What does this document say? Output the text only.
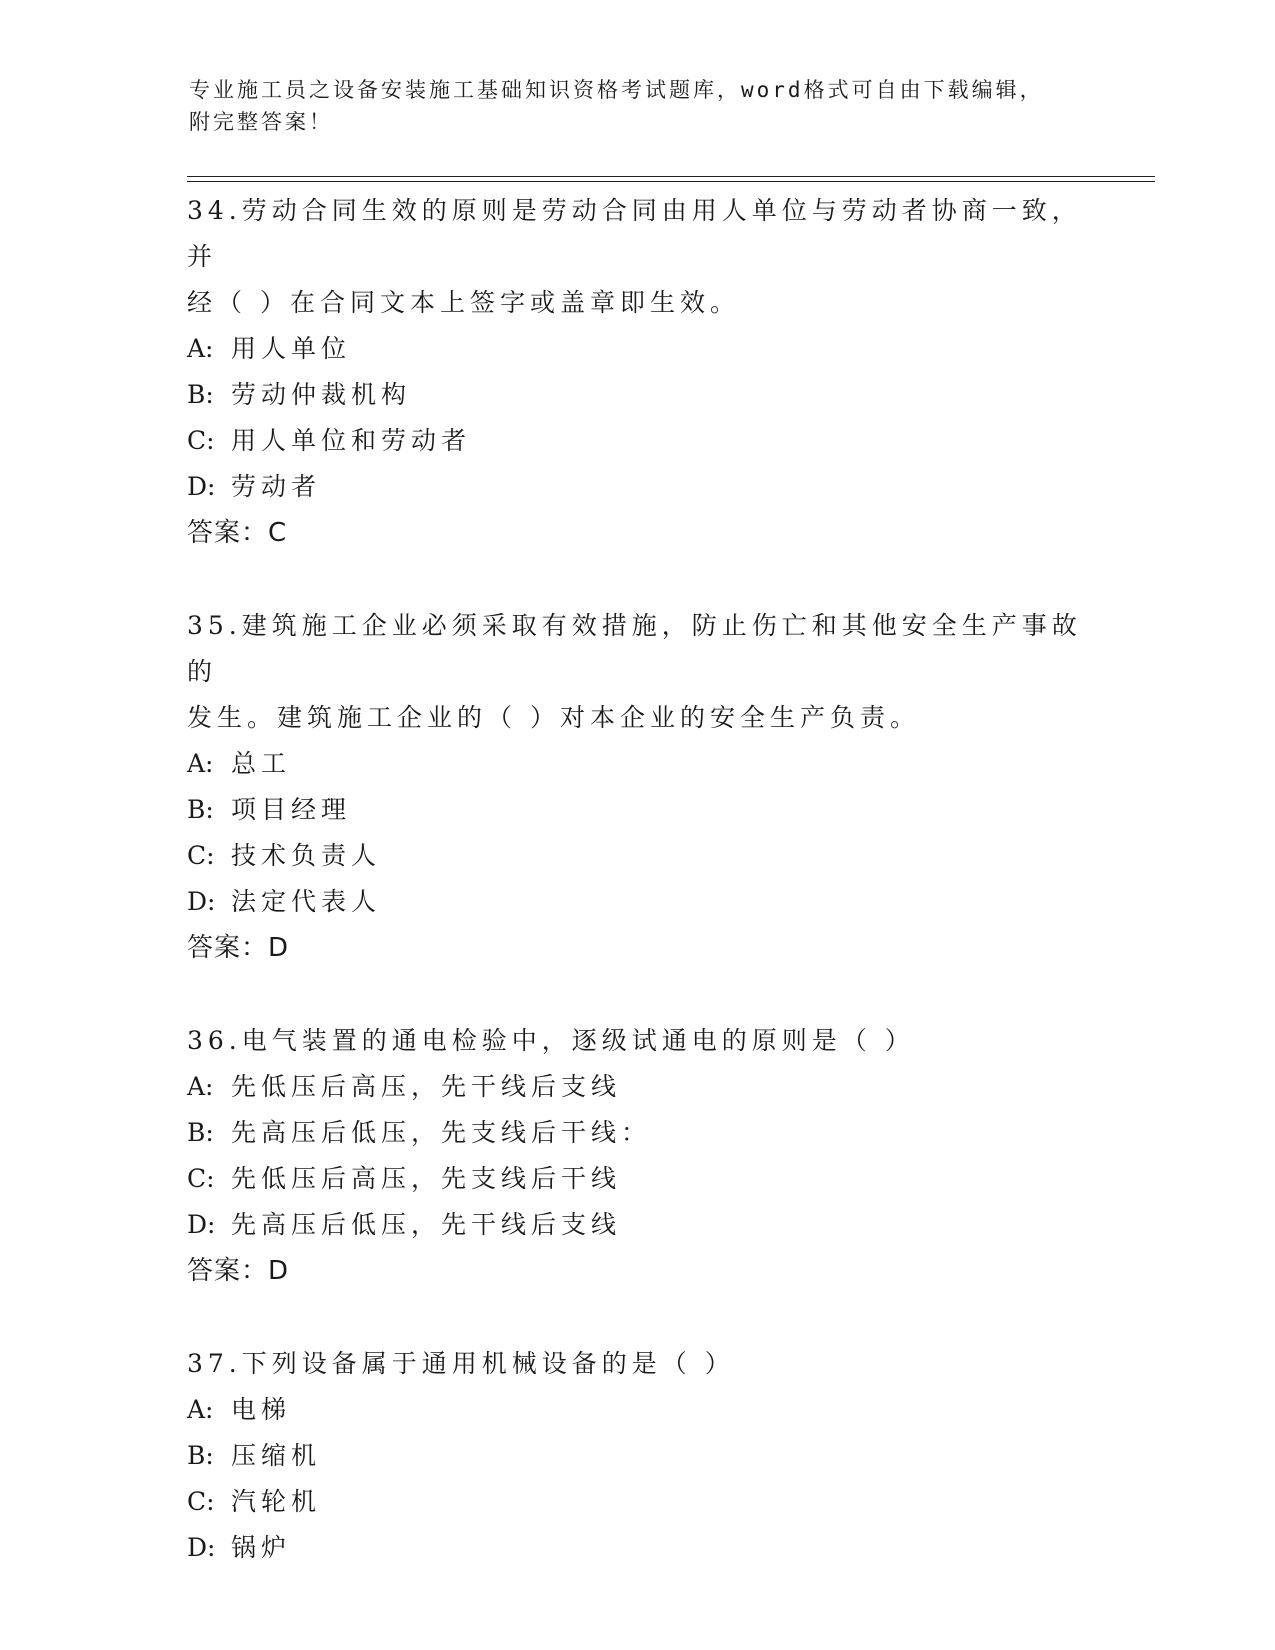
专业施工员之设备安装施工基础知识资格考试题库，word格式可自由下载编辑，
附完整答案！
34.劳动合同生效的原则是劳动合同由用人单位与劳动者协商一致，并
经（ ）在合同文本上签字或盖章即生效。
A: 用人单位
B: 劳动仲裁机构
C: 用人单位和劳动者
D: 劳动者
答案：C
35.建筑施工企业必须采取有效措施，防止伤亡和其他安全生产事故的
发生。建筑施工企业的（ ）对本企业的安全生产负责。
A: 总工
B: 项目经理
C: 技术负责人
D: 法定代表人
答案：D
36.电气装置的通电检验中，逐级试通电的原则是（ ）
A: 先低压后高压，先干线后支线
B: 先高压后低压，先支线后干线：
C: 先低压后高压，先支线后干线
D: 先高压后低压，先干线后支线
答案：D
37.下列设备属于通用机械设备的是（ ）
A: 电梯
B: 压缩机
C: 汽轮机
D: 锅炉
